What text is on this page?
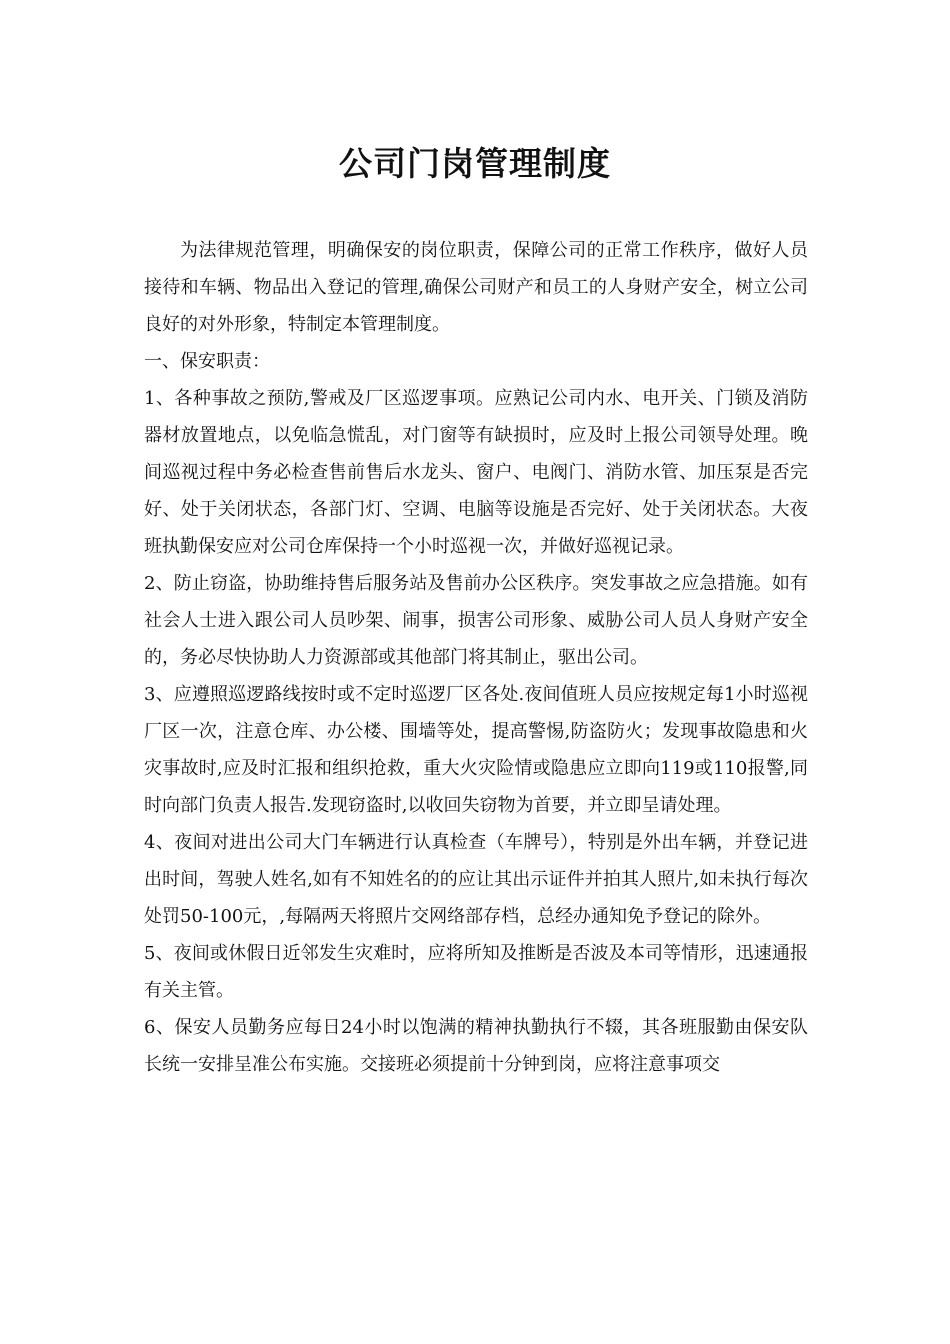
公司门岗管理制度

为法律规范管理，明确保安的岗位职责，保障公司的正常工作秩序，做好人员接待和车辆、物品出入登记的管理,确保公司财产和员工的人身财产安全，树立公司良好的对外形象，特制定本管理制度。

一、保安职责：

1、各种事故之预防,警戒及厂区巡逻事项。应熟记公司内水、电开关、门锁及消防器材放置地点，以免临急慌乱，对门窗等有缺损时，应及时上报公司领导处理。晚间巡视过程中务必检查售前售后水龙头、窗户、电阀门、消防水管、加压泵是否完好、处于关闭状态，各部门灯、空调、电脑等设施是否完好、处于关闭状态。大夜班执勤保安应对公司仓库保持一个小时巡视一次，并做好巡视记录。

2、防止窃盗，协助维持售后服务站及售前办公区秩序。突发事故之应急措施。如有社会人士进入跟公司人员吵架、闹事，损害公司形象、威胁公司人员人身财产安全的，务必尽快协助人力资源部或其他部门将其制止，驱出公司。

3、应遵照巡逻路线按时或不定时巡逻厂区各处.夜间值班人员应按规定每1小时巡视厂区一次，注意仓库、办公楼、围墙等处，提高警惕,防盗防火；发现事故隐患和火灾事故时,应及时汇报和组织抢救，重大火灾险情或隐患应立即向119或110报警,同时向部门负责人报告.发现窃盗时,以收回失窃物为首要，并立即呈请处理。

4、夜间对进出公司大门车辆进行认真检查（车牌号），特别是外出车辆，并登记进出时间，驾驶人姓名,如有不知姓名的的应让其出示证件并拍其人照片,如未执行每次处罚50-100元，,每隔两天将照片交网络部存档，总经办通知免予登记的除外。

5、夜间或休假日近邻发生灾难时，应将所知及推断是否波及本司等情形，迅速通报有关主管。

6、保安人员勤务应每日24小时以饱满的精神执勤执行不辍，其各班服勤由保安队长统一安排呈准公布实施。交接班必须提前十分钟到岗，应将注意事项交
